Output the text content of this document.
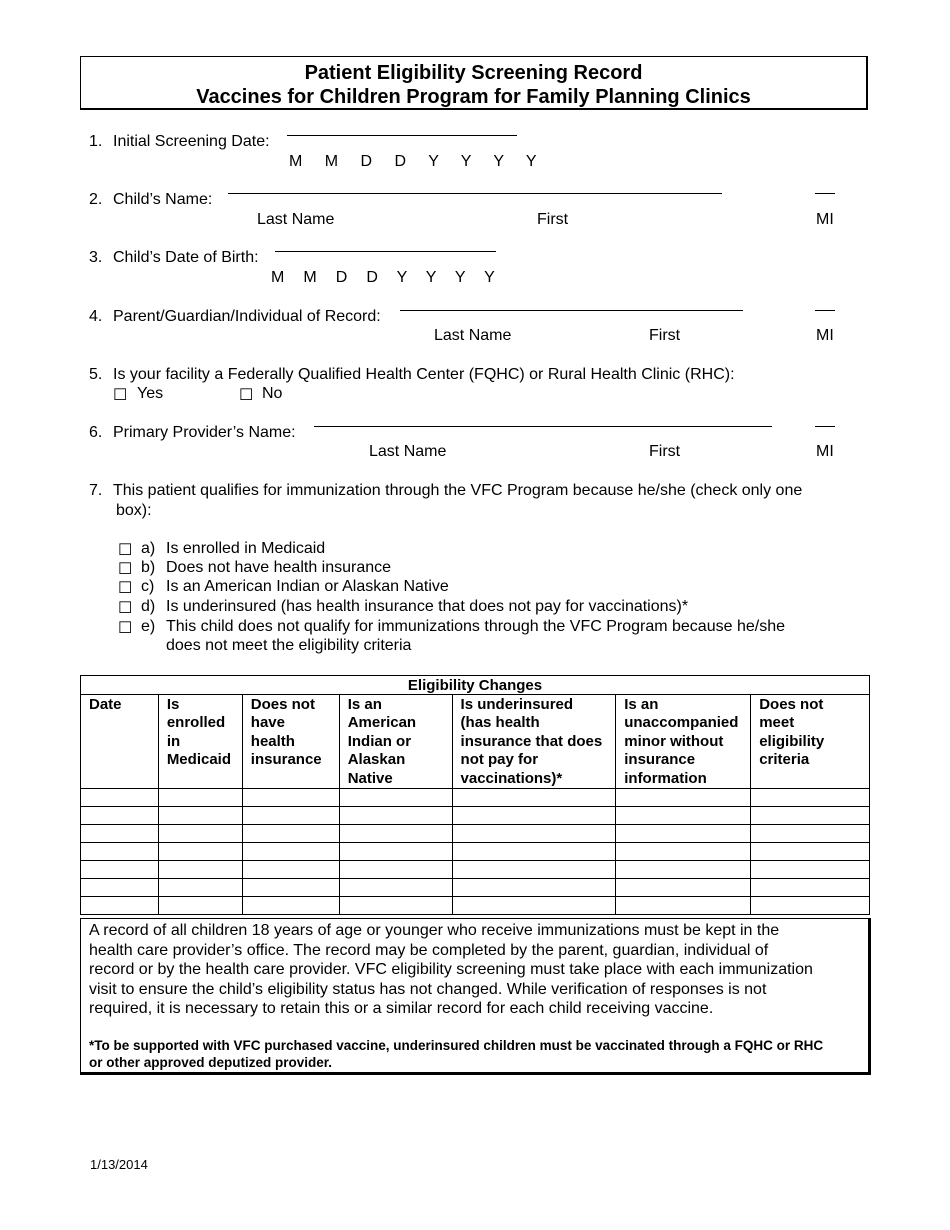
Patient Eligibility Screening Record
Vaccines for Children Program for Family Planning Clinics
1. Initial Screening Date:
M M D D Y Y Y Y
2. Child’s Name:
Last Name	First	MI
3. Child’s Date of Birth:
M M D D Y Y Y Y
4. Parent/Guardian/Individual of Record:
Last Name	First	MI
5. Is your facility a Federally Qualified Health Center (FQHC) or Rural Health Clinic (RHC):
☐ Yes	☐ No
6. Primary Provider’s Name:
Last Name	First	MI
7. This patient qualifies for immunization through the VFC Program because he/she (check only one
box):
☐ a) Is enrolled in Medicaid
☐ b) Does not have health insurance
☐ c) Is an American Indian or Alaskan Native
☐ d) Is underinsured (has health insurance that does not pay for vaccinations)*
☐ e) This child does not qualify for immunizations through the VFC Program because he/she
does not meet the eligibility criteria
Eligibility Changes						
Date	Is
enrolled
in
Medicaid	Does not
have
health
insurance	Is an
American
Indian or
Alaskan
Native	Is underinsured
(has health
insurance that does
not pay for
vaccinations)*	Is an
unaccompanied
minor without
insurance
information	Does not
meet
eligibility
criteria

A record of all children 18 years of age or younger who receive immunizations must be kept in the
health care provider’s office. The record may be completed by the parent, guardian, individual of
record or by the health care provider. VFC eligibility screening must take place with each immunization
visit to ensure the child’s eligibility status has not changed. While verification of responses is not
required, it is necessary to retain this or a similar record for each child receiving vaccine.
*To be supported with VFC purchased vaccine, underinsured children must be vaccinated through a FQHC or RHC
or other approved deputized provider.
1/13/2014
